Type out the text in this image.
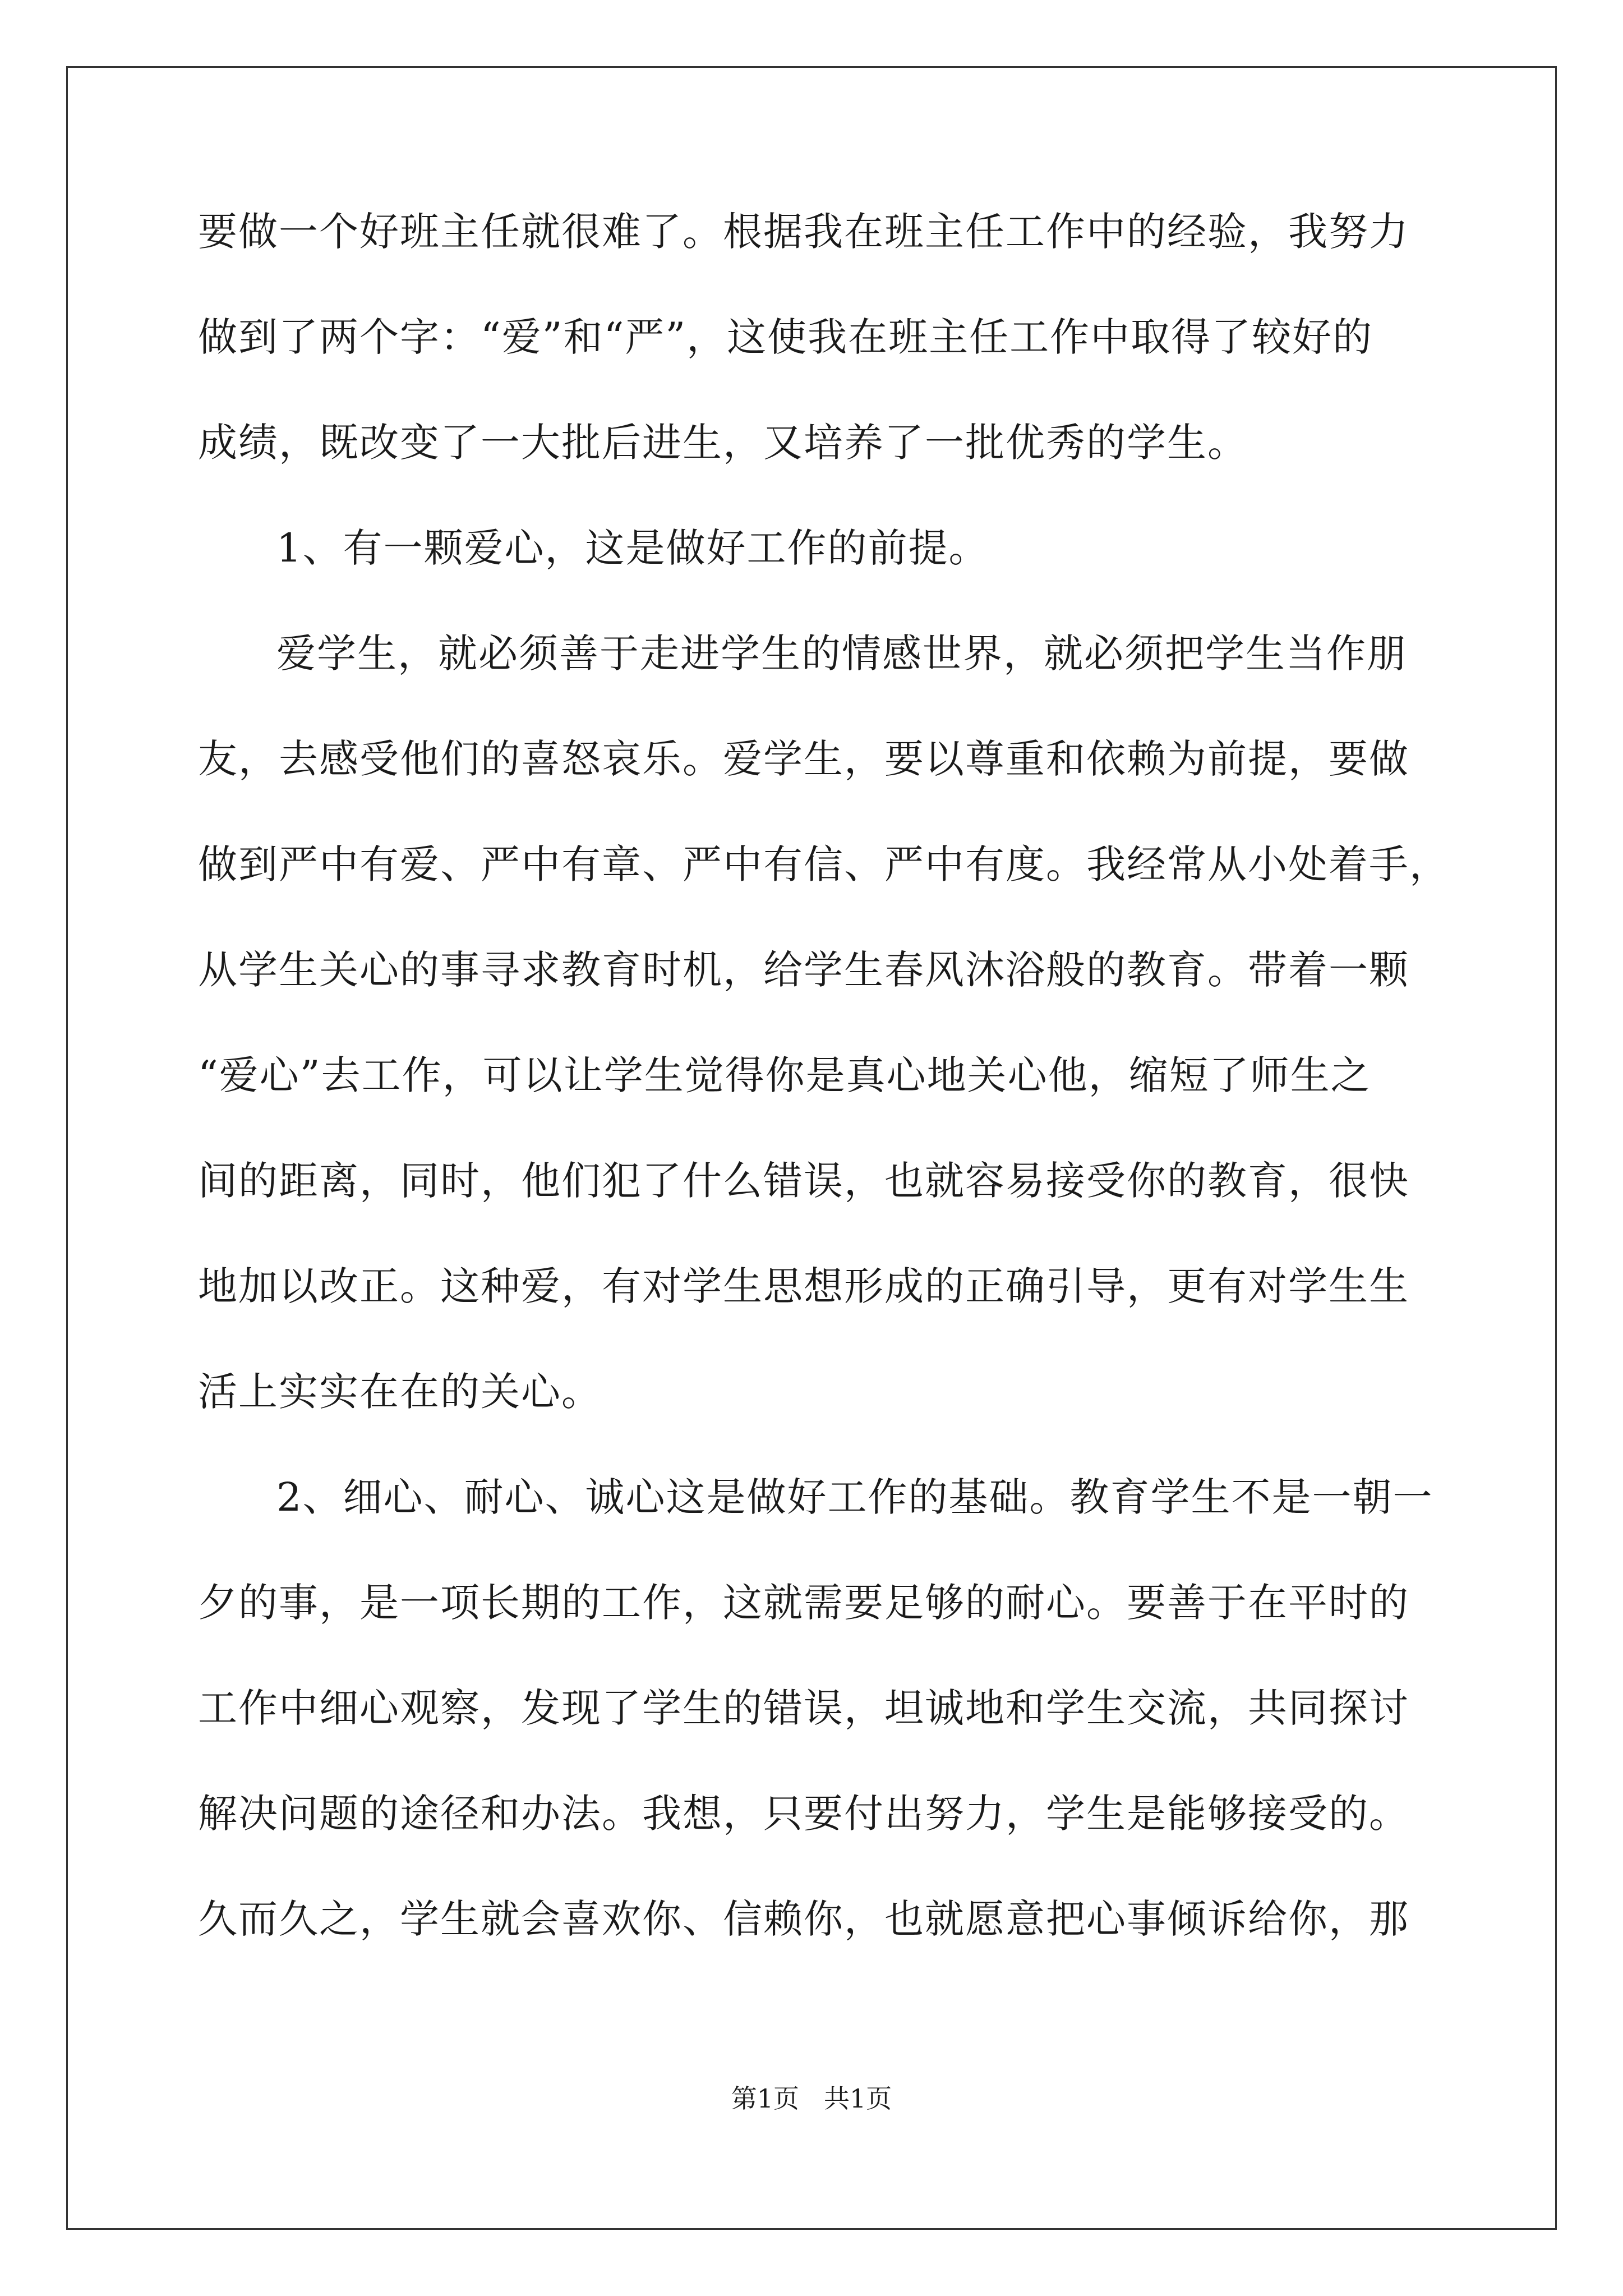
要做一个好班主任就很难了。根据我在班主任工作中的经验，我努力
做到了两个字：“爱”和“严”，这使我在班主任工作中取得了较好的
成绩，既改变了一大批后进生，又培养了一批优秀的学生。
1、有一颗爱心，这是做好工作的前提。
爱学生，就必须善于走进学生的情感世界，就必须把学生当作朋
友，去感受他们的喜怒哀乐。爱学生，要以尊重和依赖为前提，要做
做到严中有爱、严中有章、严中有信、严中有度。我经常从小处着手，
从学生关心的事寻求教育时机，给学生春风沐浴般的教育。带着一颗
“爱心”去工作，可以让学生觉得你是真心地关心他，缩短了师生之
间的距离，同时，他们犯了什么错误，也就容易接受你的教育，很快
地加以改正。这种爱，有对学生思想形成的正确引导，更有对学生生
活上实实在在的关心。
2、细心、耐心、诚心这是做好工作的基础。教育学生不是一朝一
夕的事，是一项长期的工作，这就需要足够的耐心。要善于在平时的
工作中细心观察，发现了学生的错误，坦诚地和学生交流，共同探讨
解决问题的途径和办法。我想，只要付出努力，学生是能够接受的。
久而久之，学生就会喜欢你、信赖你，也就愿意把心事倾诉给你，那
第1页 共1页
